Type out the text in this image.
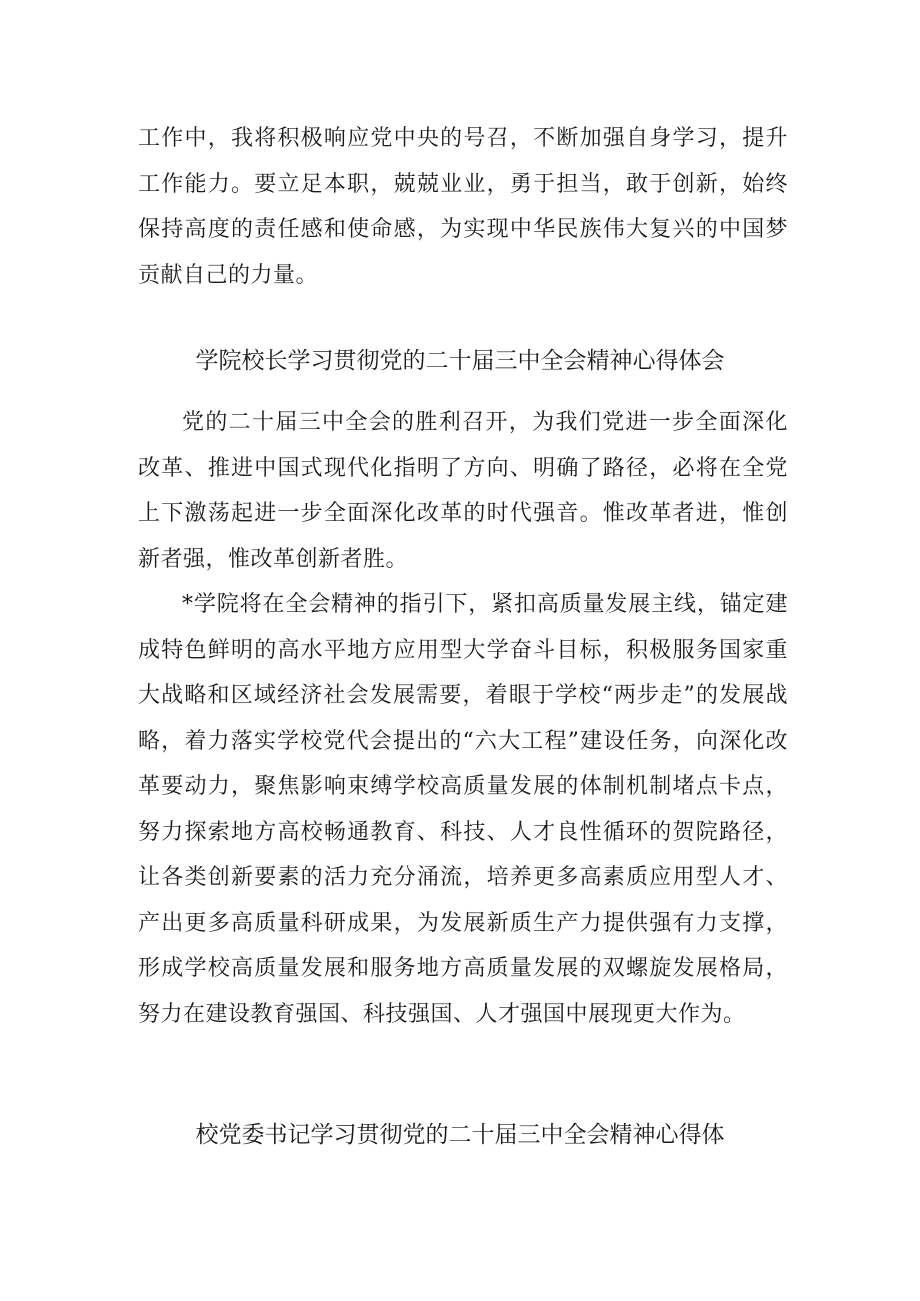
工作中，我将积极响应党中央的号召，不断加强自身学习，提升工作能力。要立足本职，兢兢业业，勇于担当，敢于创新，始终保持高度的责任感和使命感，为实现中华民族伟大复兴的中国梦贡献自己的力量。

学院校长学习贯彻党的二十届三中全会精神心得体会

党的二十届三中全会的胜利召开，为我们党进一步全面深化改革、推进中国式现代化指明了方向、明确了路径，必将在全党上下激荡起进一步全面深化改革的时代强音。惟改革者进，惟创新者强，惟改革创新者胜。

*学院将在全会精神的指引下，紧扣高质量发展主线，锚定建成特色鲜明的高水平地方应用型大学奋斗目标，积极服务国家重大战略和区域经济社会发展需要，着眼于学校“两步走”的发展战略，着力落实学校党代会提出的“六大工程”建设任务，向深化改革要动力，聚焦影响束缚学校高质量发展的体制机制堵点卡点，努力探索地方高校畅通教育、科技、人才良性循环的贺院路径，让各类创新要素的活力充分涌流，培养更多高素质应用型人才、产出更多高质量科研成果，为发展新质生产力提供强有力支撑，形成学校高质量发展和服务地方高质量发展的双螺旋发展格局，努力在建设教育强国、科技强国、人才强国中展现更大作为。

校党委书记学习贯彻党的二十届三中全会精神心得体
